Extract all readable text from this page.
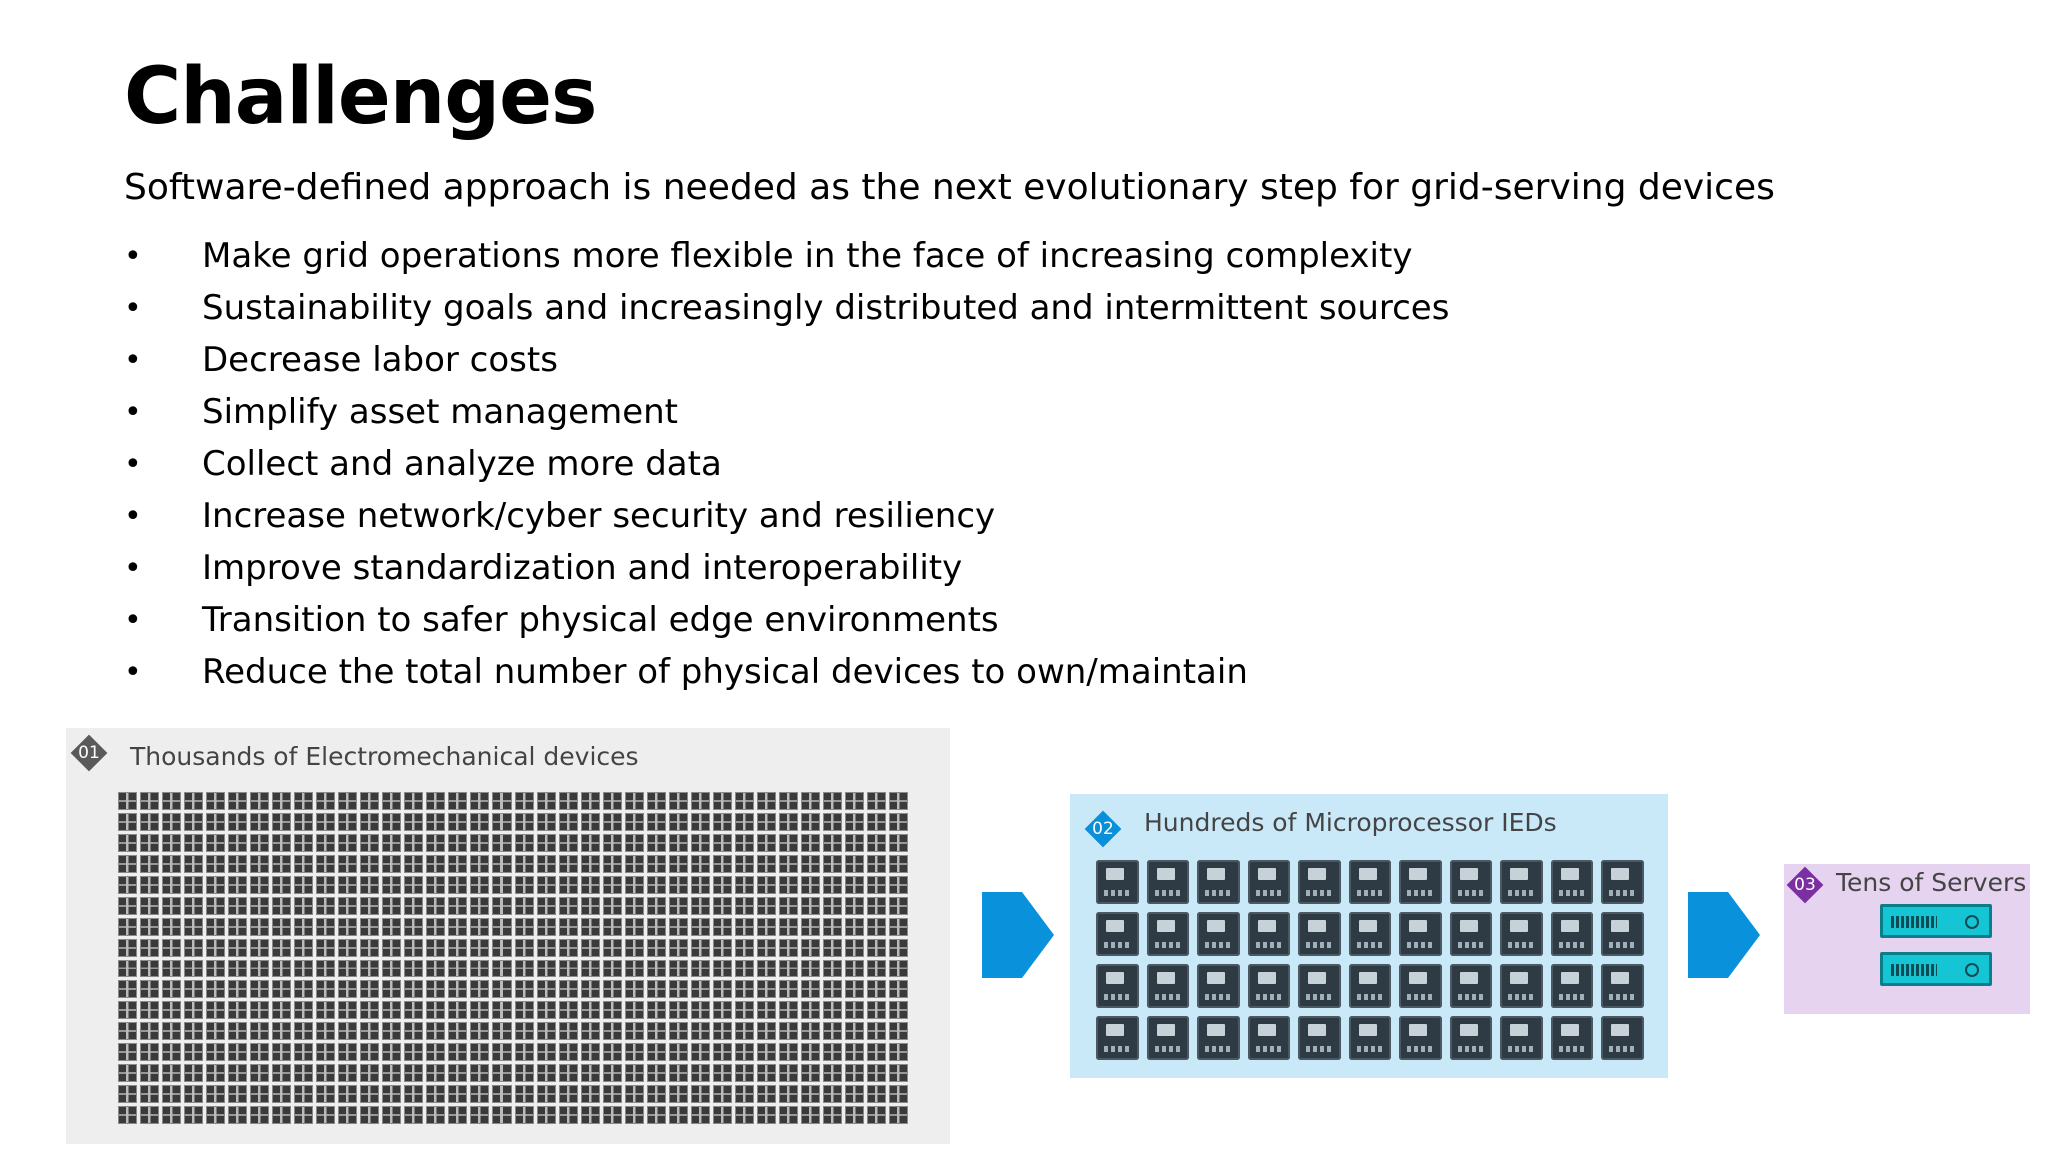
Challenges
Software-defined approach is needed as the next evolutionary step for grid-serving devices
•	Make grid operations more flexible in the face of increasing complexity
•	Sustainability goals and increasingly distributed and intermittent sources
•	Decrease labor costs
•	Simplify asset management
•	Collect and analyze more data
•	Increase network/cyber security and resiliency
•	Improve standardization and interoperability
•	Transition to safer physical edge environments
•	Reduce the total number of physical devices to own/maintain
01	Thousands of Electromechanical devices
02	Hundreds of Microprocessor IEDs
03 Tens of Servers
